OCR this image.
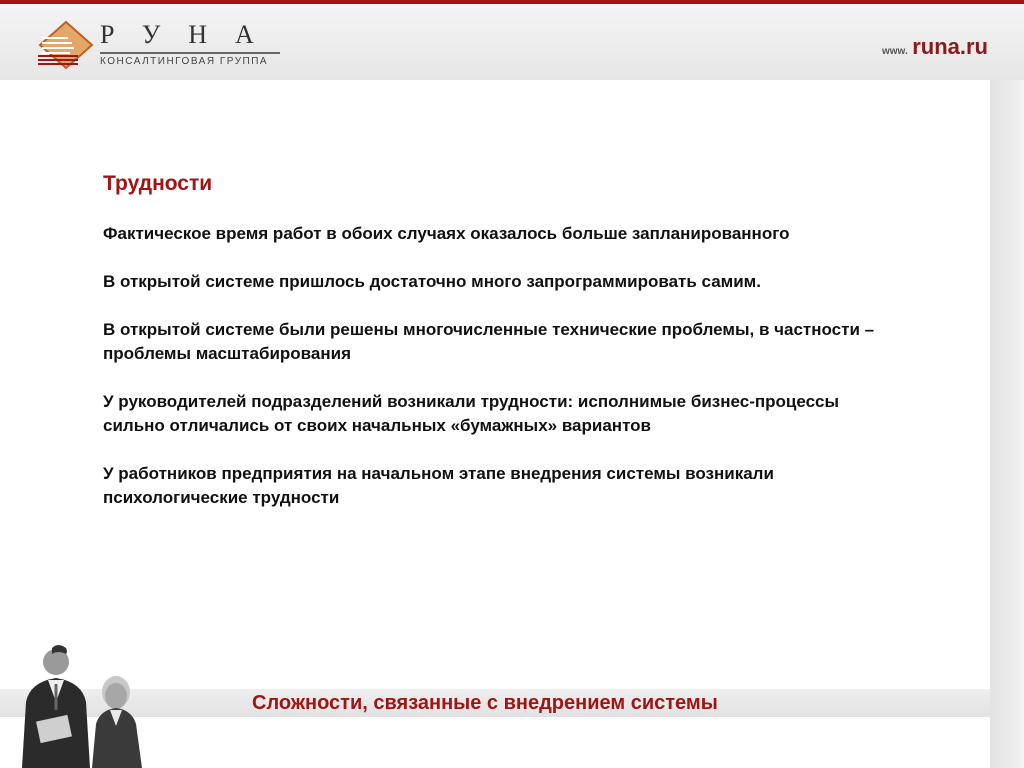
РУНА
КОНСАЛТИНГОВАЯ ГРУППА
www. runa.ru
Трудности
Фактическое время работ в обоих случаях оказалось больше запланированного
В открытой системе пришлось достаточно много запрограммировать самим.
В открытой системе были решены многочисленные технические проблемы, в частности – проблемы масштабирования
У руководителей подразделений возникали трудности: исполнимые бизнес-процессы сильно отличались от своих начальных «бумажных» вариантов
У работников предприятия на начальном этапе внедрения системы возникали психологические трудности
Сложности, связанные с внедрением системы
